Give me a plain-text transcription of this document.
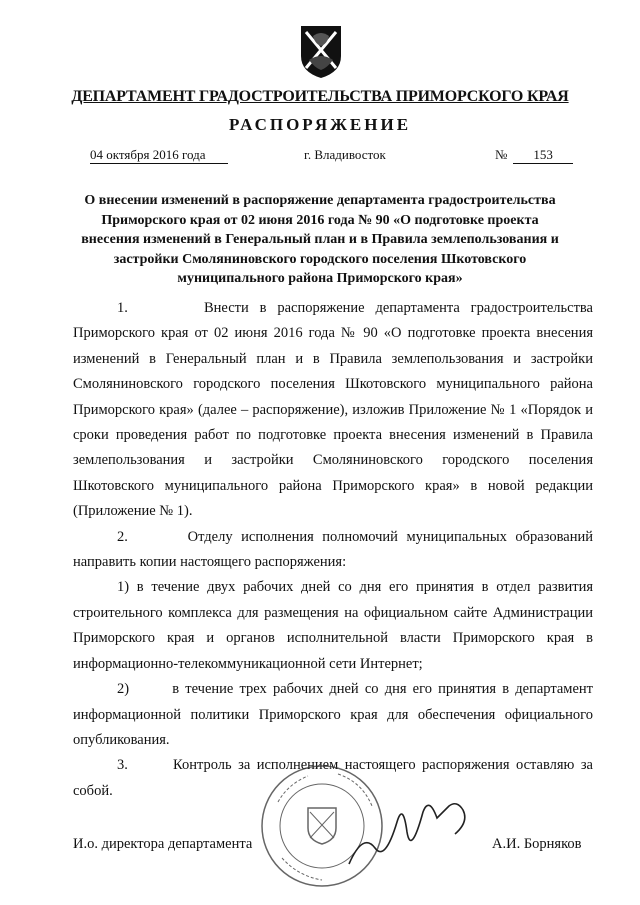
ДЕПАРТАМЕНТ ГРАДОСТРОИТЕЛЬСТВА ПРИМОРСКОГО КРАЯ
РАСПОРЯЖЕНИЕ
04 октября 2016 года	г. Владивосток	№ 153
О внесении изменений в распоряжение департамента градостроительства Приморского края от 02 июня 2016 года № 90 «О подготовке проекта внесения изменений в Генеральный план и в Правила землепользования и застройки Смоляниновского городского поселения Шкотовского муниципального района Приморского края»

1.       Внести в распоряжение департамента градостроительства Приморского края от 02 июня 2016 года № 90 «О подготовке проекта внесения изменений в Генеральный план и в Правила землепользования и застройки Смоляниновского городского поселения Шкотовского муниципального района Приморского края» (далее – распоряжение), изложив Приложение № 1 «Порядок и сроки проведения работ по подготовке проекта внесения изменений в Правила землепользования и застройки Смоляниновского городского поселения Шкотовского муниципального района Приморского края» в новой редакции (Приложение № 1).

2.       Отделу исполнения полномочий муниципальных образований направить копии настоящего распоряжения:

1) в течение двух рабочих дней со дня его принятия в отдел развития строительного комплекса для размещения на официальном сайте Администрации Приморского края и органов исполнительной власти Приморского края в информационно-телекоммуникационной сети Интернет;

2)       в течение трех рабочих дней со дня его принятия в департамент информационной политики Приморского края для обеспечения официального опубликования.

3.       Контроль за исполнением настоящего распоряжения оставляю за собой.

И.о. директора департамента	А.И. Борняков
